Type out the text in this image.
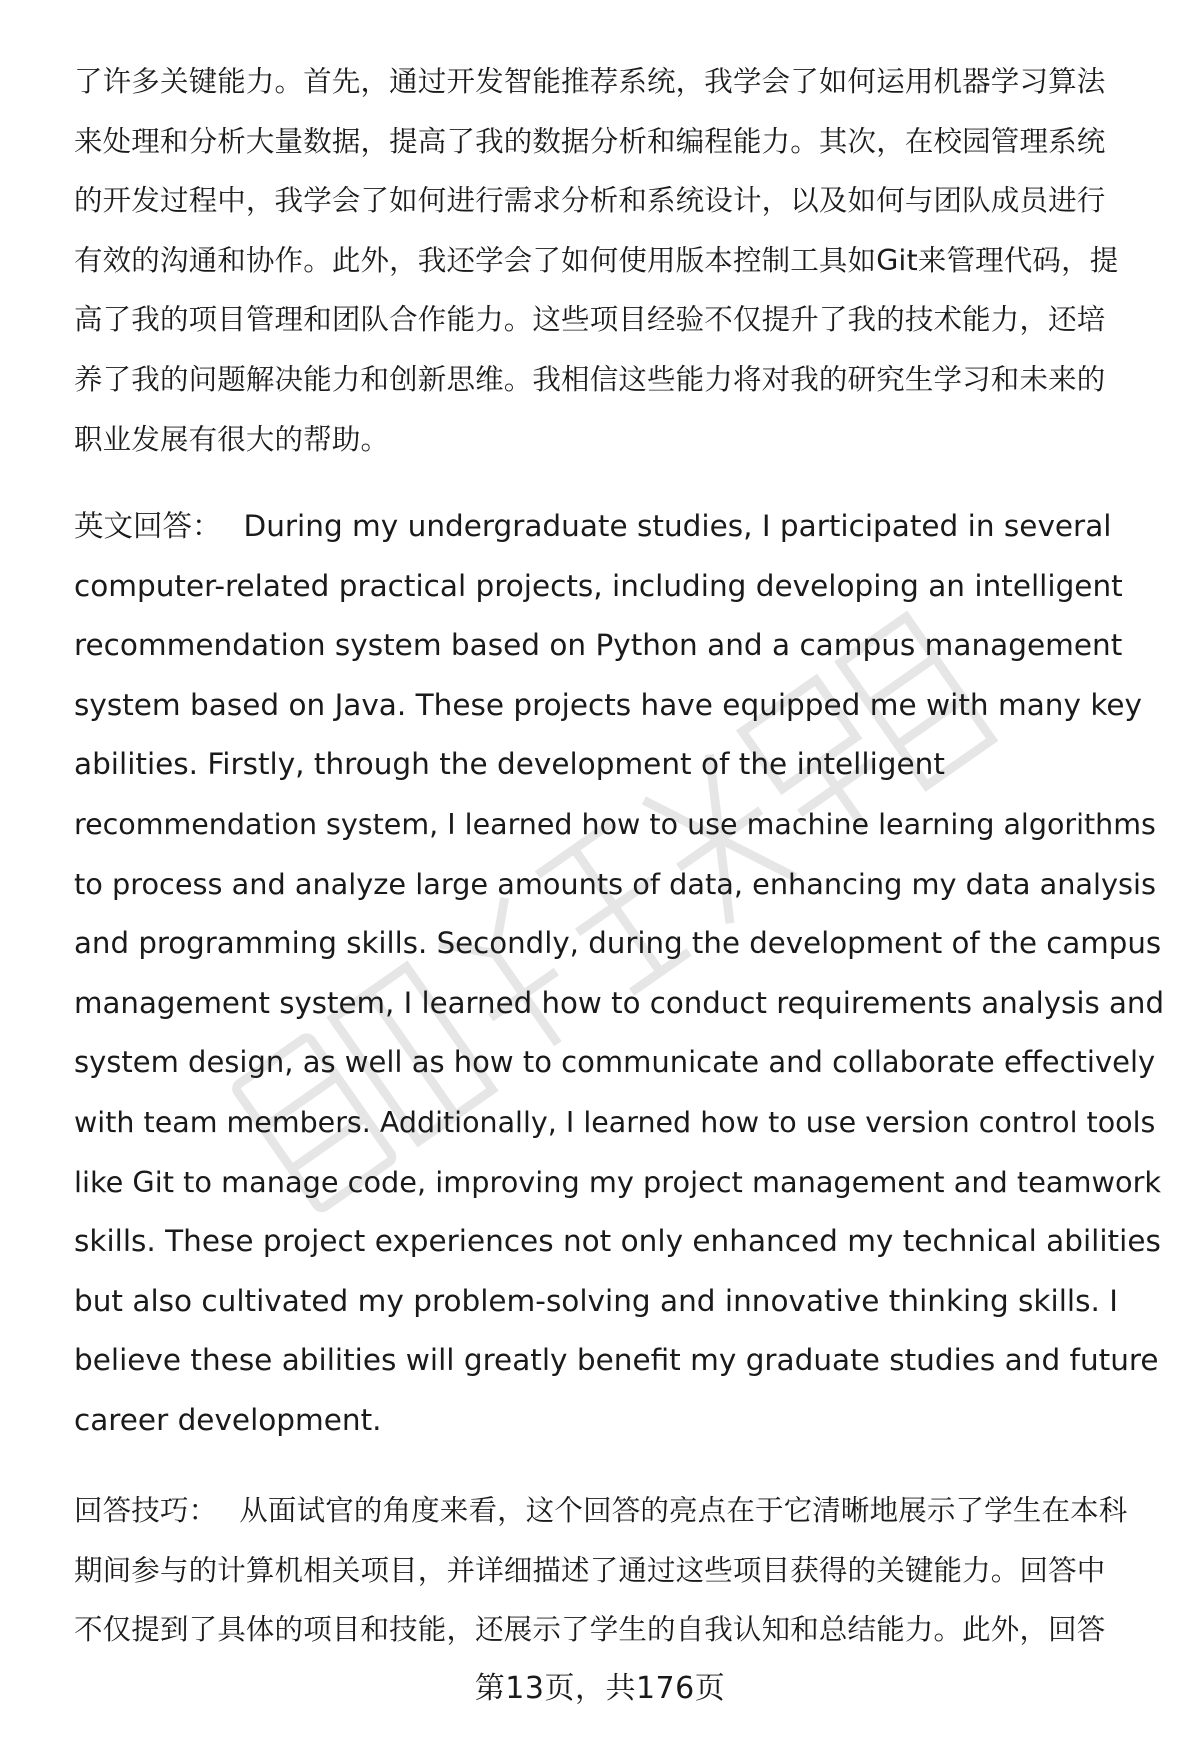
了许多关键能力。首先，通过开发智能推荐系统，我学会了如何运用机器学习算法
来处理和分析大量数据，提高了我的数据分析和编程能力。其次，在校园管理系统
的开发过程中，我学会了如何进行需求分析和系统设计，以及如何与团队成员进行
有效的沟通和协作。此外，我还学会了如何使用版本控制工具如Git来管理代码，提
高了我的项目管理和团队合作能力。这些项目经验不仅提升了我的技术能力，还培
养了我的问题解决能力和创新思维。我相信这些能力将对我的研究生学习和未来的
职业发展有很大的帮助。
英文回答： During my undergraduate studies, I participated in several
computer-related practical projects, including developing an intelligent
recommendation system based on Python and a campus management
system based on Java. These projects have equipped me with many key
abilities. Firstly, through the development of the intelligent
recommendation system, I learned how to use machine learning algorithms
to process and analyze large amounts of data, enhancing my data analysis
and programming skills. Secondly, during the development of the campus
management system, I learned how to conduct requirements analysis and
system design, as well as how to communicate and collaborate effectively
with team members. Additionally, I learned how to use version control tools
like Git to manage code, improving my project management and teamwork
skills. These project experiences not only enhanced my technical abilities
but also cultivated my problem-solving and innovative thinking skills. I
believe these abilities will greatly benefit my graduate studies and future
career development.
回答技巧： 从面试官的角度来看，这个回答的亮点在于它清晰地展示了学生在本科
期间参与的计算机相关项目，并详细描述了通过这些项目获得的关键能力。回答中
不仅提到了具体的项目和技能，还展示了学生的自我认知和总结能力。此外，回答
第13页，共176页
